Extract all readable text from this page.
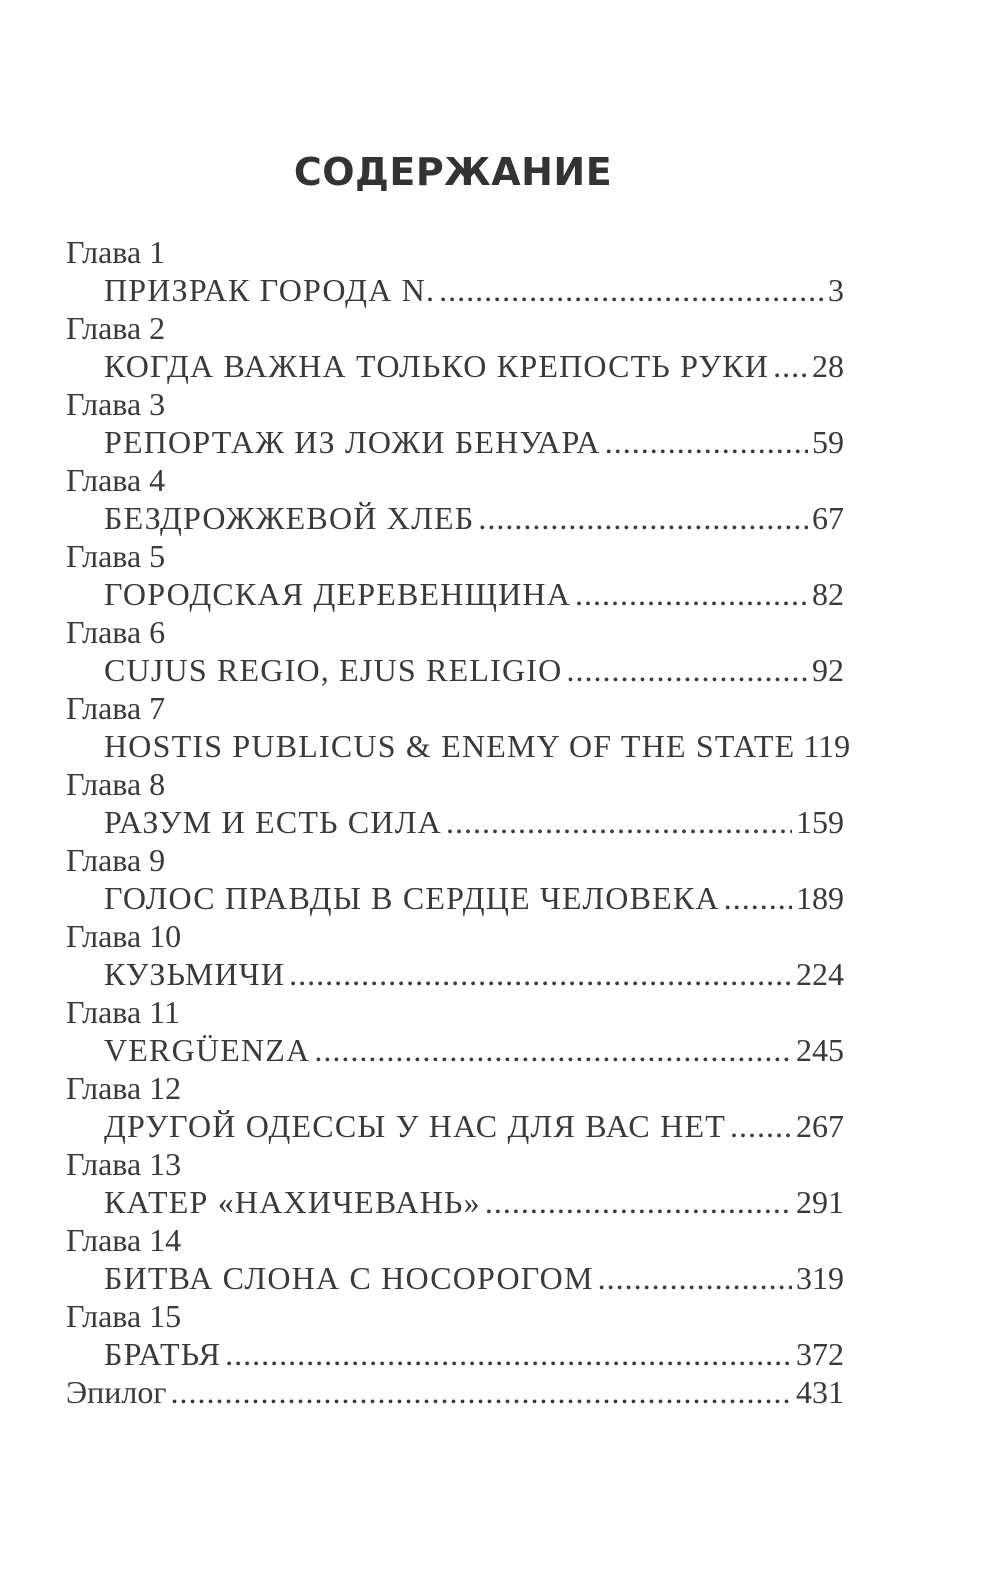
СОДЕРЖАНИЕ
Глава 1
ПРИЗРАК ГОРОДА N. .....	3
Глава 2
КОГДА ВАЖНА ТОЛЬКО КРЕПОСТЬ РУКИ ..... 28
Глава 3
РЕПОРТАЖ ИЗ ЛОЖИ БЕНУАРА .....	59
Глава 4
БЕЗДРОЖЖЕВОЙ ХЛЕБ .....	67
Глава 5
ГОРОДСКАЯ ДЕРЕВЕНЩИНА .....	82
Глава 6
CUJUS REGIO, EJUS RELIGIO .....	92
Глава 7
HOSTIS PUBLICUS & ENEMY OF THE STATE 119
Глава 8
РАЗУМ И ЕСТЬ СИЛА .....	159
Глава 9
ГОЛОС ПРАВДЫ В СЕРДЦЕ ЧЕЛОВЕКА ..... 189
Глава 10
КУЗЬМИЧИ .....	224
Глава 11
VERGÜENZA .....	245
Глава 12
ДРУГОЙ ОДЕССЫ У НАС ДЛЯ ВАС НЕТ ..... 267
Глава 13
КАТЕР «НАХИЧЕВАНЬ» .....	291
Глава 14
БИТВА СЛОНА С НОСОРОГОМ .....	319
Глава 15
БРАТЬЯ .....	372
Эпилог .....	431
